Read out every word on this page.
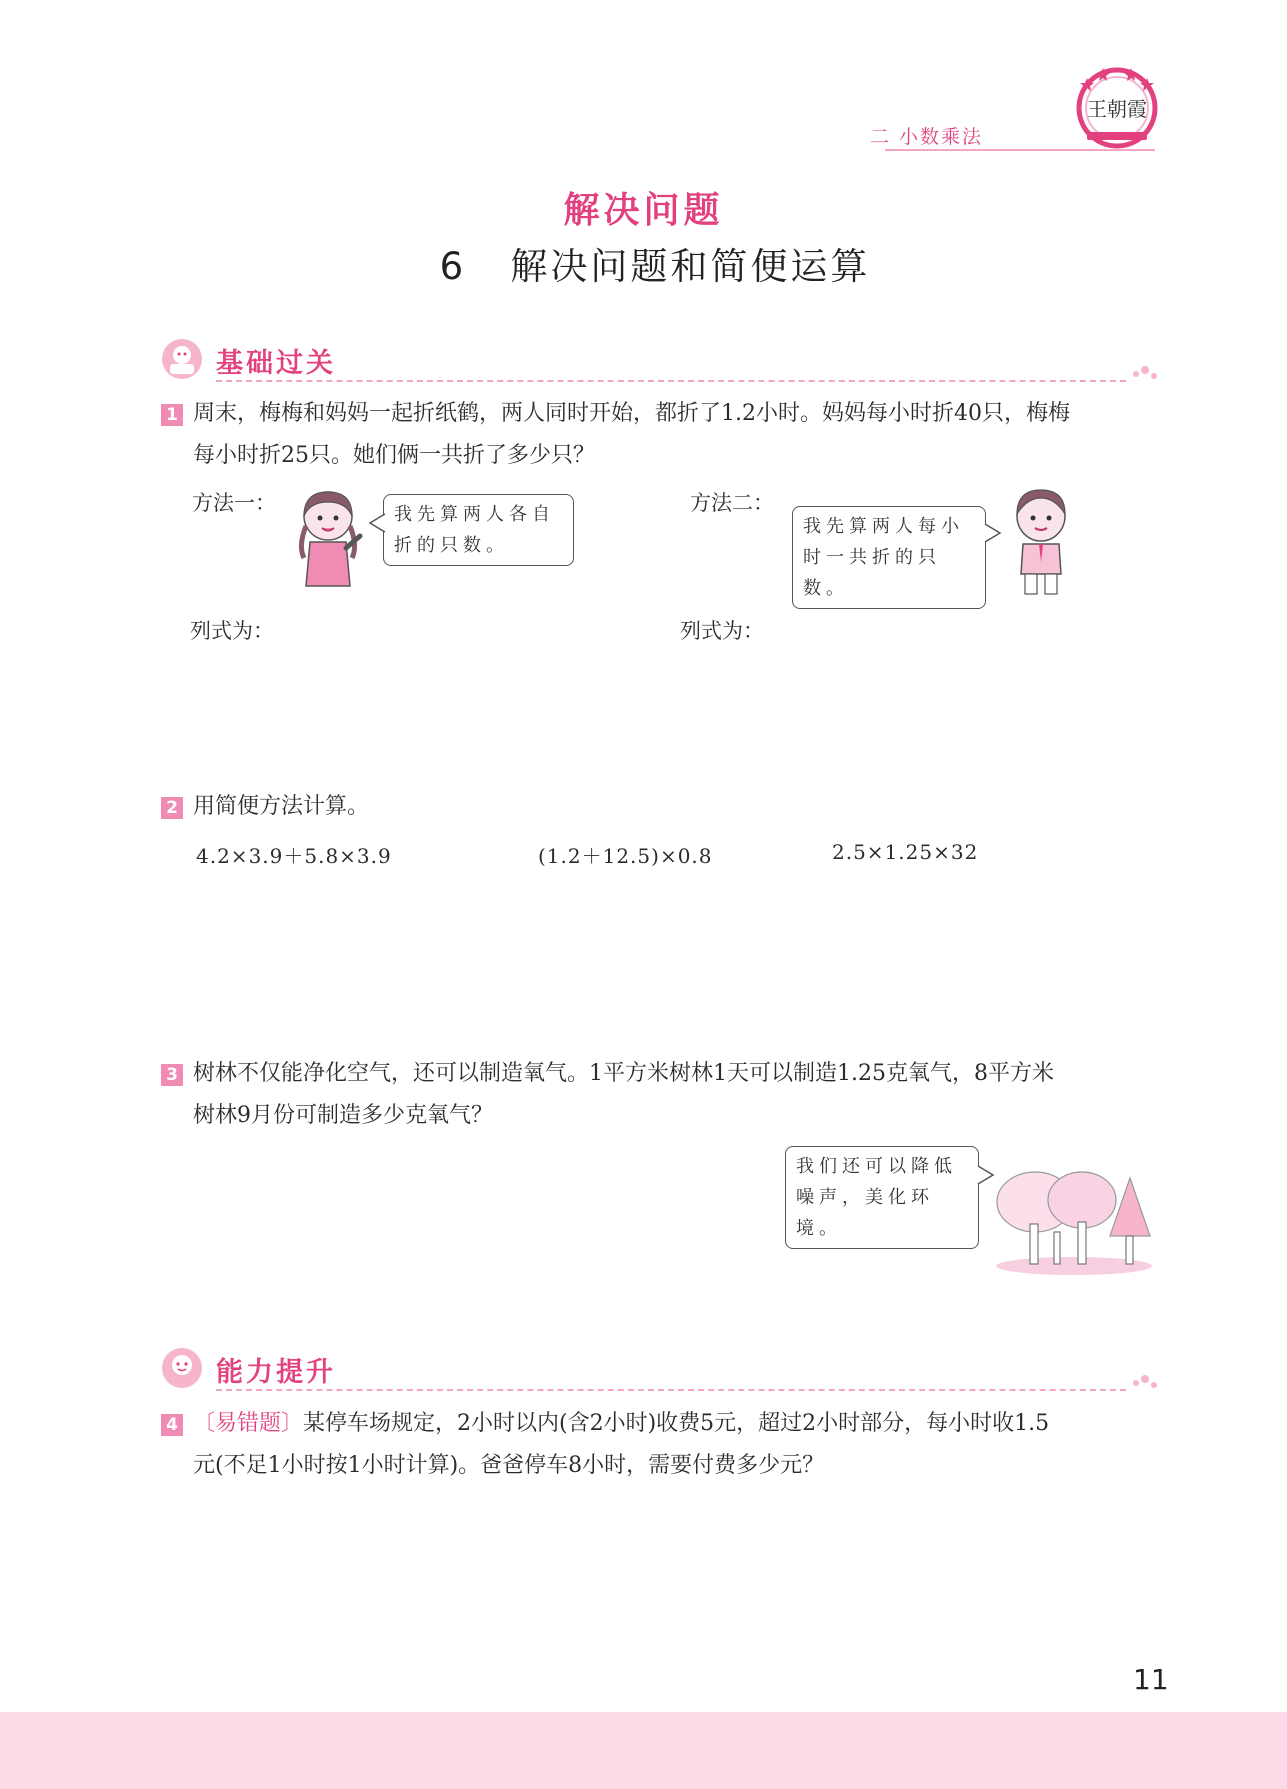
二 小数乘法
王朝霞
解决问题
6 解决问题和简便运算
基础过关
1 周末，梅梅和妈妈一起折纸鹤，两人同时开始，都折了1.2小时。妈妈每小时折40只，梅梅
每小时折25只。她们俩一共折了多少只？
方法一：	我先算两人各自
折的只数。
列式为：
方法二：
我先算两人每小
时一共折的只数。
列式为：
2 用简便方法计算。
4.2×3.9＋5.8×3.9	(1.2＋12.5)×0.8	2.5×1.25×32
3 树林不仅能净化空气，还可以制造氧气。1平方米树林1天可以制造1.25克氧气，8平方米
树林9月份可制造多少克氧气？
我们还可以降低
噪声，美化环境。
能力提升
4 〔易错题〕某停车场规定，2小时以内(含2小时)收费5元，超过2小时部分，每小时收1.5
元(不足1小时按1小时计算)。爸爸停车8小时，需要付费多少元？
11
